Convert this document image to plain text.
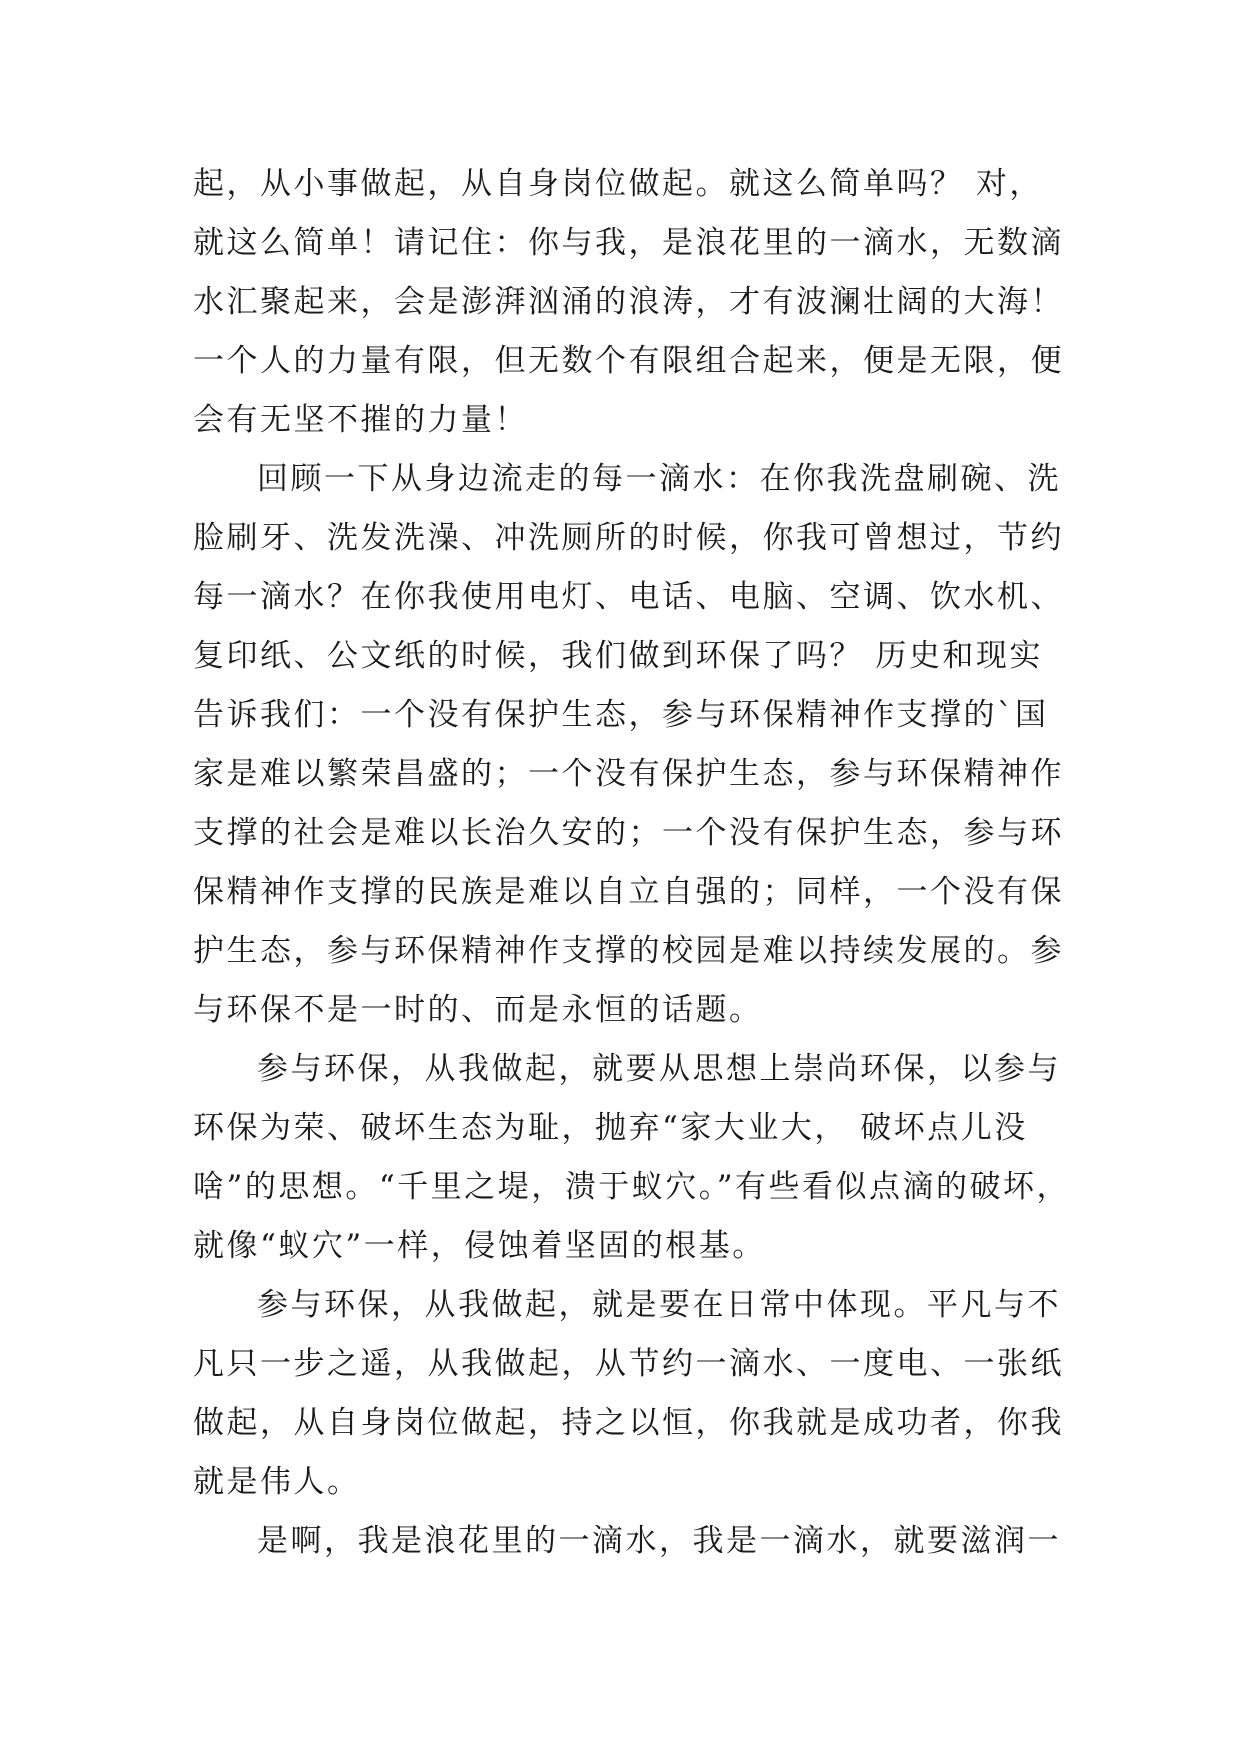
起，从小事做起，从自身岗位做起。就这么简单吗？ 对，
就这么简单！请记住：你与我，是浪花里的一滴水，无数滴
水汇聚起来，会是澎湃汹涌的浪涛，才有波澜壮阔的大海！
一个人的力量有限，但无数个有限组合起来，便是无限，便
会有无坚不摧的力量！
回顾一下从身边流走的每一滴水：在你我洗盘刷碗、洗
脸刷牙、洗发洗澡、冲洗厕所的时候，你我可曾想过，节约
每一滴水？在你我使用电灯、电话、电脑、空调、饮水机、
复印纸、公文纸的时候，我们做到环保了吗？ 历史和现实
告诉我们：一个没有保护生态，参与环保精神作支撑的`国
家是难以繁荣昌盛的；一个没有保护生态，参与环保精神作
支撑的社会是难以长治久安的；一个没有保护生态，参与环
保精神作支撑的民族是难以自立自强的；同样，一个没有保
护生态，参与环保精神作支撑的校园是难以持续发展的。参
与环保不是一时的、而是永恒的话题。
参与环保，从我做起，就要从思想上崇尚环保，以参与
环保为荣、破坏生态为耻，抛弃“家大业大， 破坏点儿没
啥”的思想。“千里之堤，溃于蚁穴。”有些看似点滴的破坏，
就像“蚁穴”一样，侵蚀着坚固的根基。
参与环保，从我做起，就是要在日常中体现。平凡与不
凡只一步之遥，从我做起，从节约一滴水、一度电、一张纸
做起，从自身岗位做起，持之以恒，你我就是成功者，你我
就是伟人。
是啊，我是浪花里的一滴水，我是一滴水，就要滋润一
